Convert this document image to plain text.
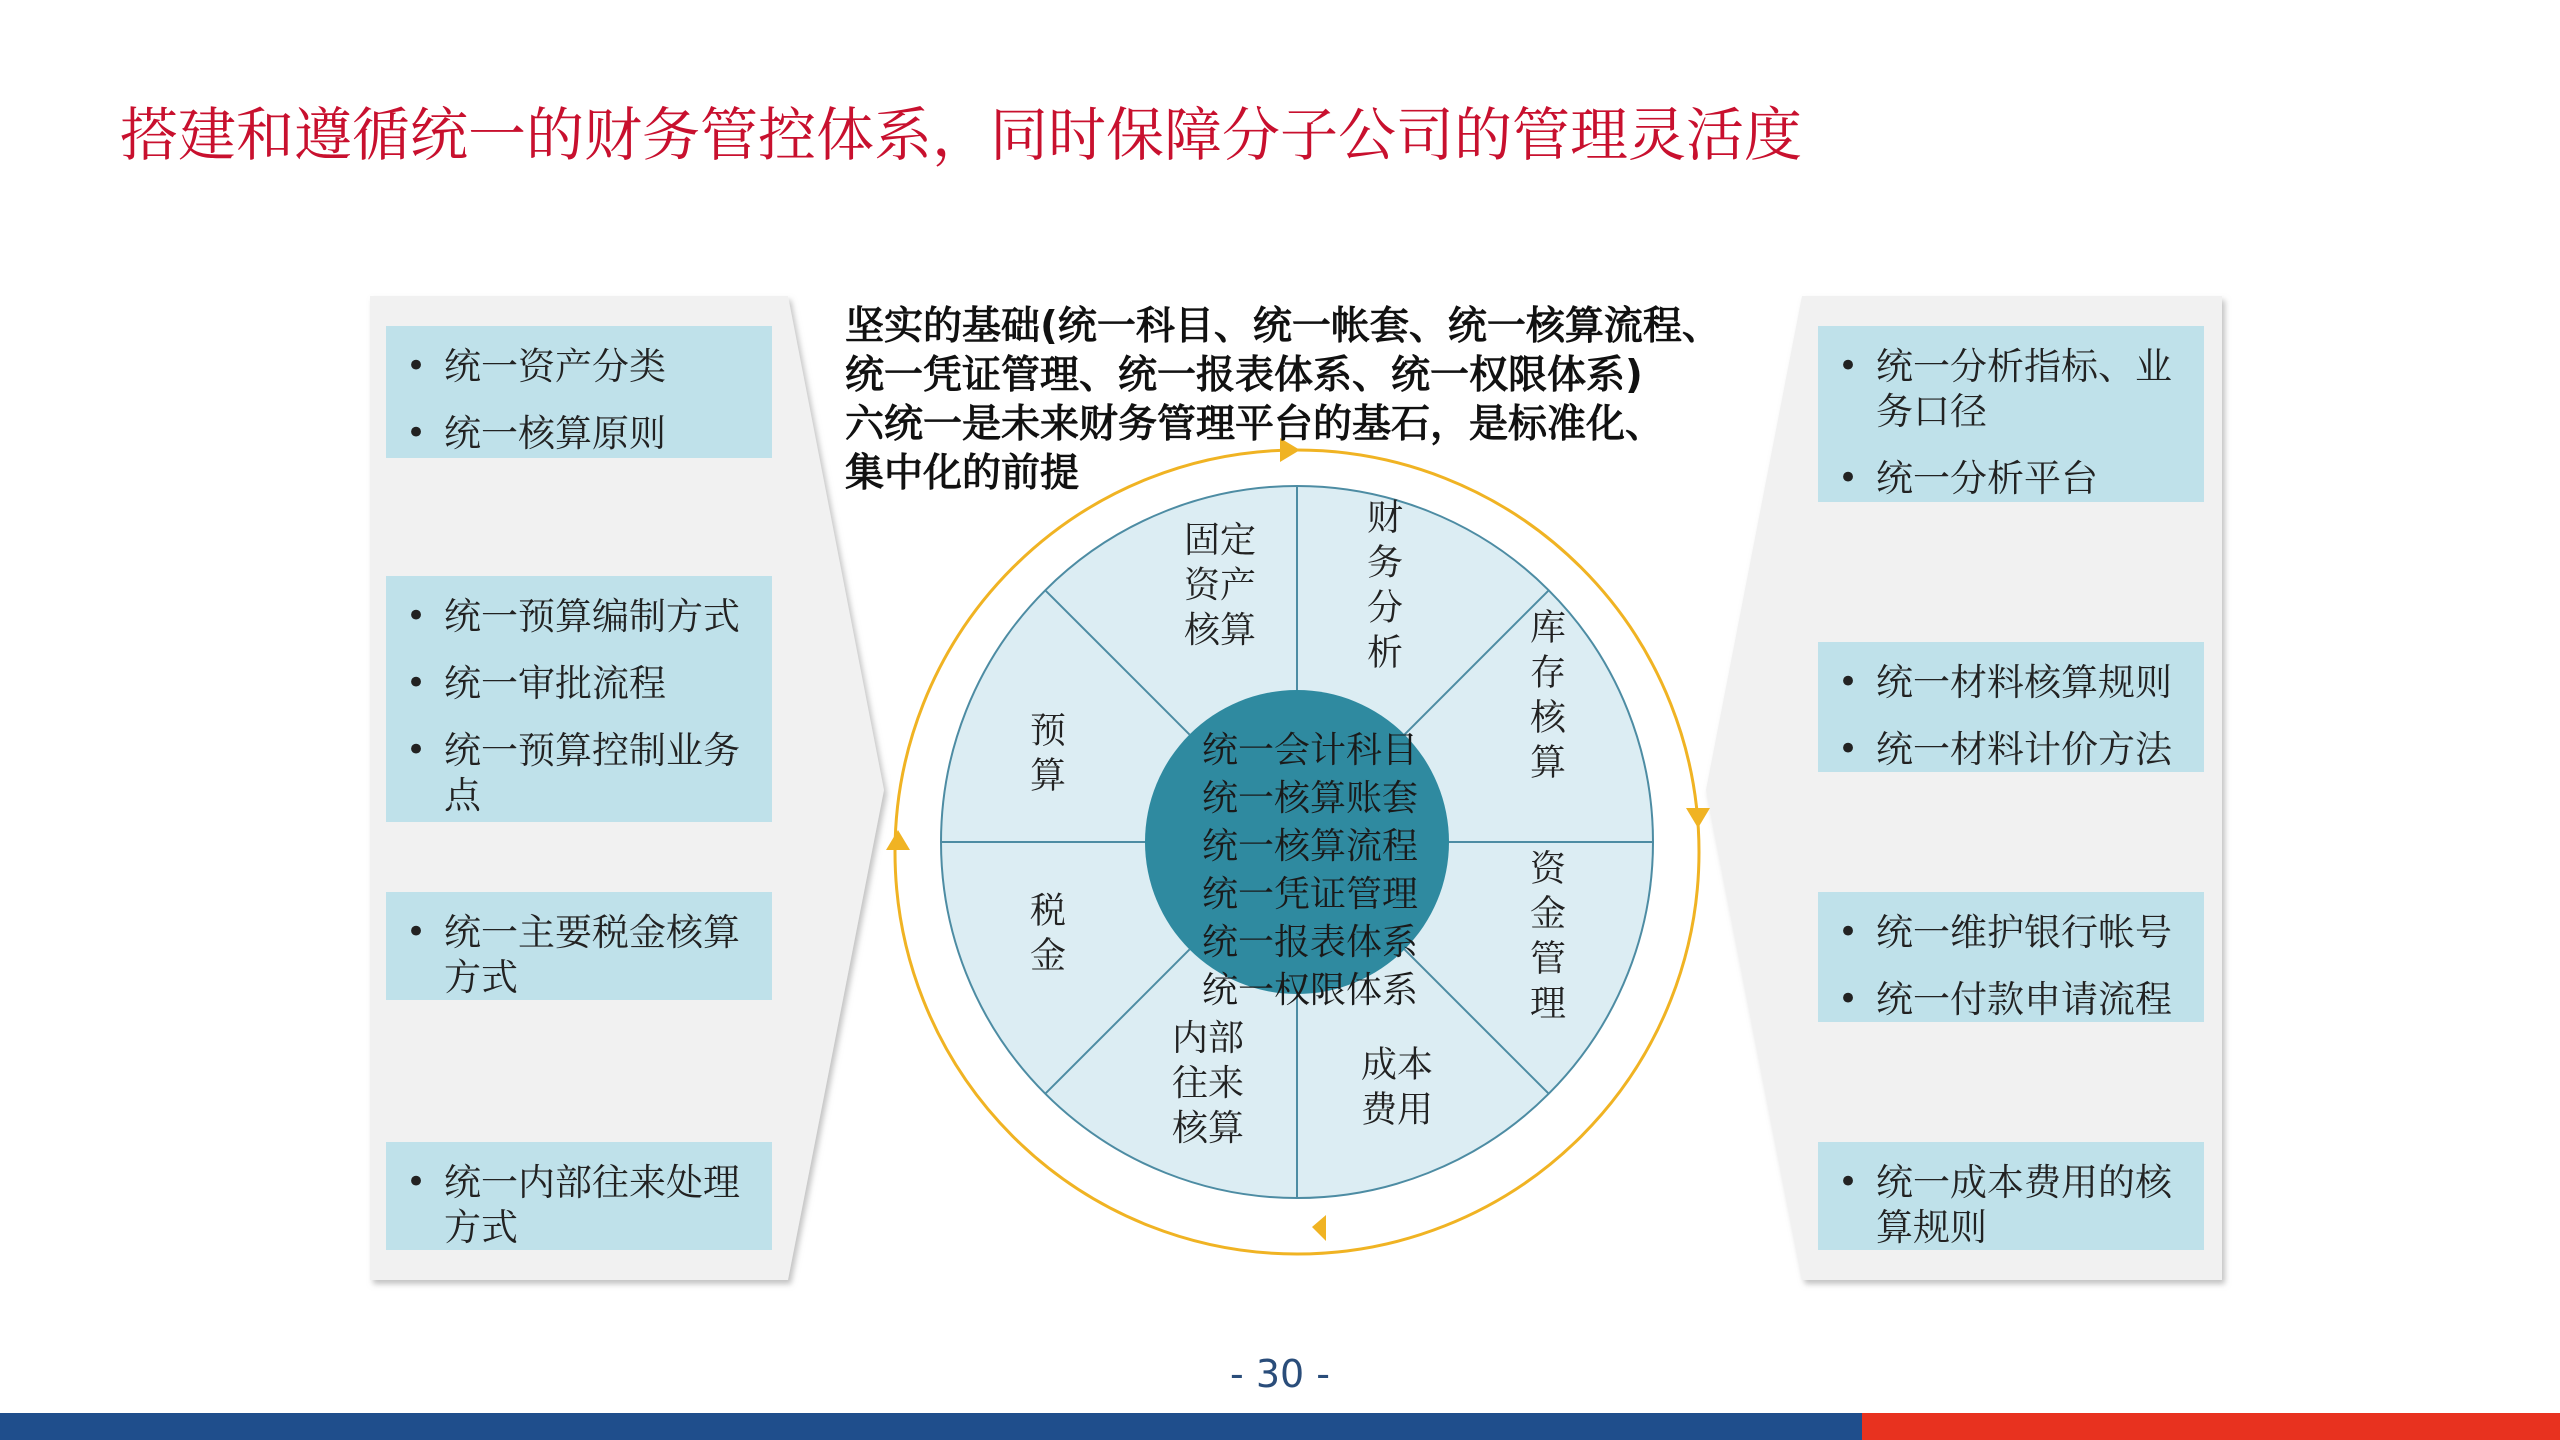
搭建和遵循统一的财务管控体系，同时保障分子公司的管理灵活度
• 统一资产分类
• 统一核算原则
• 统一预算编制方式
• 统一审批流程
• 统一预算控制业务点
• 统一主要税金核算方式
• 统一内部往来处理方式
• 统一分析指标、业务口径
• 统一分析平台
• 统一材料核算规则
• 统一材料计价方法
• 统一维护银行帐号
• 统一付款申请流程
• 统一成本费用的核算规则
固定
资产
核算
财
务
分
析
库
存
核
算
资
金
管
理
成本
费用
内部
往来
核算
税
金
预
算
统一会计科目
统一核算账套
统一核算流程
统一凭证管理
统一报表体系
统一权限体系
坚实的基础(统一科目、统一帐套、统一核算流程、
统一凭证管理、统一报表体系、统一权限体系)
六统一是未来财务管理平台的基石，是标准化、
集中化的前提
- 30 -
